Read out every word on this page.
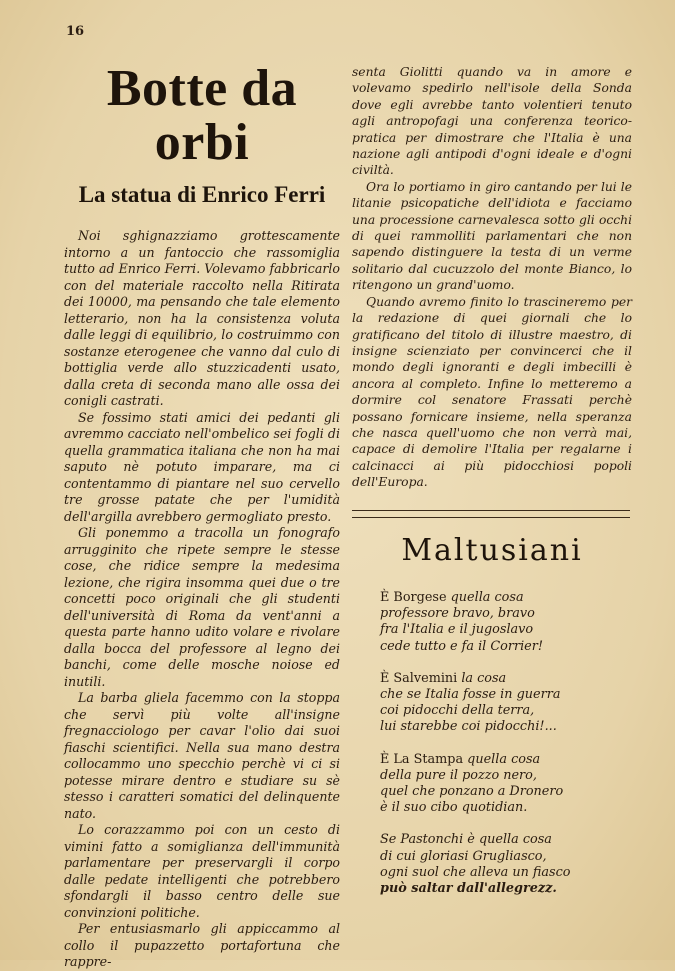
16
Botte da orbi
La statua di Enrico Ferri

Noi sghignazziamo grottescamente intorno a un fantoccio che rassomiglia tutto ad Enrico Ferri. Volevamo fabbricarlo con del materiale raccolto nella Ritirata dei 10000, ma pensando che tale elemento letterario, non ha la consistenza voluta dalle leggi di equilibrio, lo costruimmo con sostanze eterogenee che vanno dal culo di bottiglia verde allo stuzzicadenti usato, dalla creta di seconda mano alle ossa dei conigli castrati.

Se fossimo stati amici dei pedanti gli avremmo cacciato nell'ombelico sei fogli di quella grammatica italiana che non ha mai saputo nè potuto imparare, ma ci contentammo di piantare nel suo cervello tre grosse patate che per l'umidità dell'argilla avrebbero germogliato presto.

Gli ponemmo a tracolla un fonografo arrugginito che ripete sempre le stesse cose, che ridice sempre la medesima lezione, che rigira insomma quei due o tre concetti poco originali che gli studenti dell'università di Roma da vent'anni a questa parte hanno udito volare e rivolare dalla bocca del professore al legno dei banchi, come delle mosche noiose ed inutili.

La barba gliela facemmo con la stoppa che servì più volte all'insigne fregnacciologo per cavar l'olio dai suoi fiaschi scientifici. Nella sua mano destra collocammo uno specchio perchè vi ci si potesse mirare dentro e studiare su sè stesso i caratteri somatici del delinquente nato.

Lo corazzammo poi con un cesto di vimini fatto a somiglianza dell'immunità parlamentare per preservargli il corpo dalle pedate intelligenti che potrebbero sfondargli il basso centro delle sue convinzioni politiche.

Per entusiasmarlo gli appiccammo al collo il pupazzetto portafortuna che rappre-

senta Giolitti quando va in amore e volevamo spedirlo nell'isole della Sonda dove egli avrebbe tanto volentieri tenuto agli antropofagi una conferenza teorico-pratica per dimostrare che l'Italia è una nazione agli antipodi d'ogni ideale e d'ogni civiltà.

Ora lo portiamo in giro cantando per lui le litanie psicopatiche dell'idiota e facciamo una processione carnevalesca sotto gli occhi di quei rammolliti parlamentari che non sapendo distinguere la testa di un verme solitario dal cucuzzolo del monte Bianco, lo ritengono un grand'uomo.

Quando avremo finito lo trascineremo per la redazione di quei giornali che lo gratificano del titolo di illustre maestro, di insigne scienziato per convincerci che il mondo degli ignoranti e degli imbecilli è ancora al completo. Infine lo metteremo a dormire col senatore Frassati perchè possano fornicare insieme, nella speranza che nasca quell'uomo che non verrà mai, capace di demolire l'Italia per regalarne i calcinacci ai più pidocchiosi popoli dell'Europa.

Maltusiani
È Borgese quella cosa
professore bravo, bravo
fra l'Italia e il jugoslavo
cede tutto e fa il Corrier!
È Salvemini la cosa
che se Italia fosse in guerra
coi pidocchi della terra,
lui starebbe coi pidocchi!...
È La Stampa quella cosa
della pure il pozzo nero,
quel che ponzano a Dronero
è il suo cibo quotidian.
Se Pastonchi è quella cosa
di cui gloriasi Grugliasco,
ogni suol che alleva un fiasco
può saltar dall'allegrezz.
